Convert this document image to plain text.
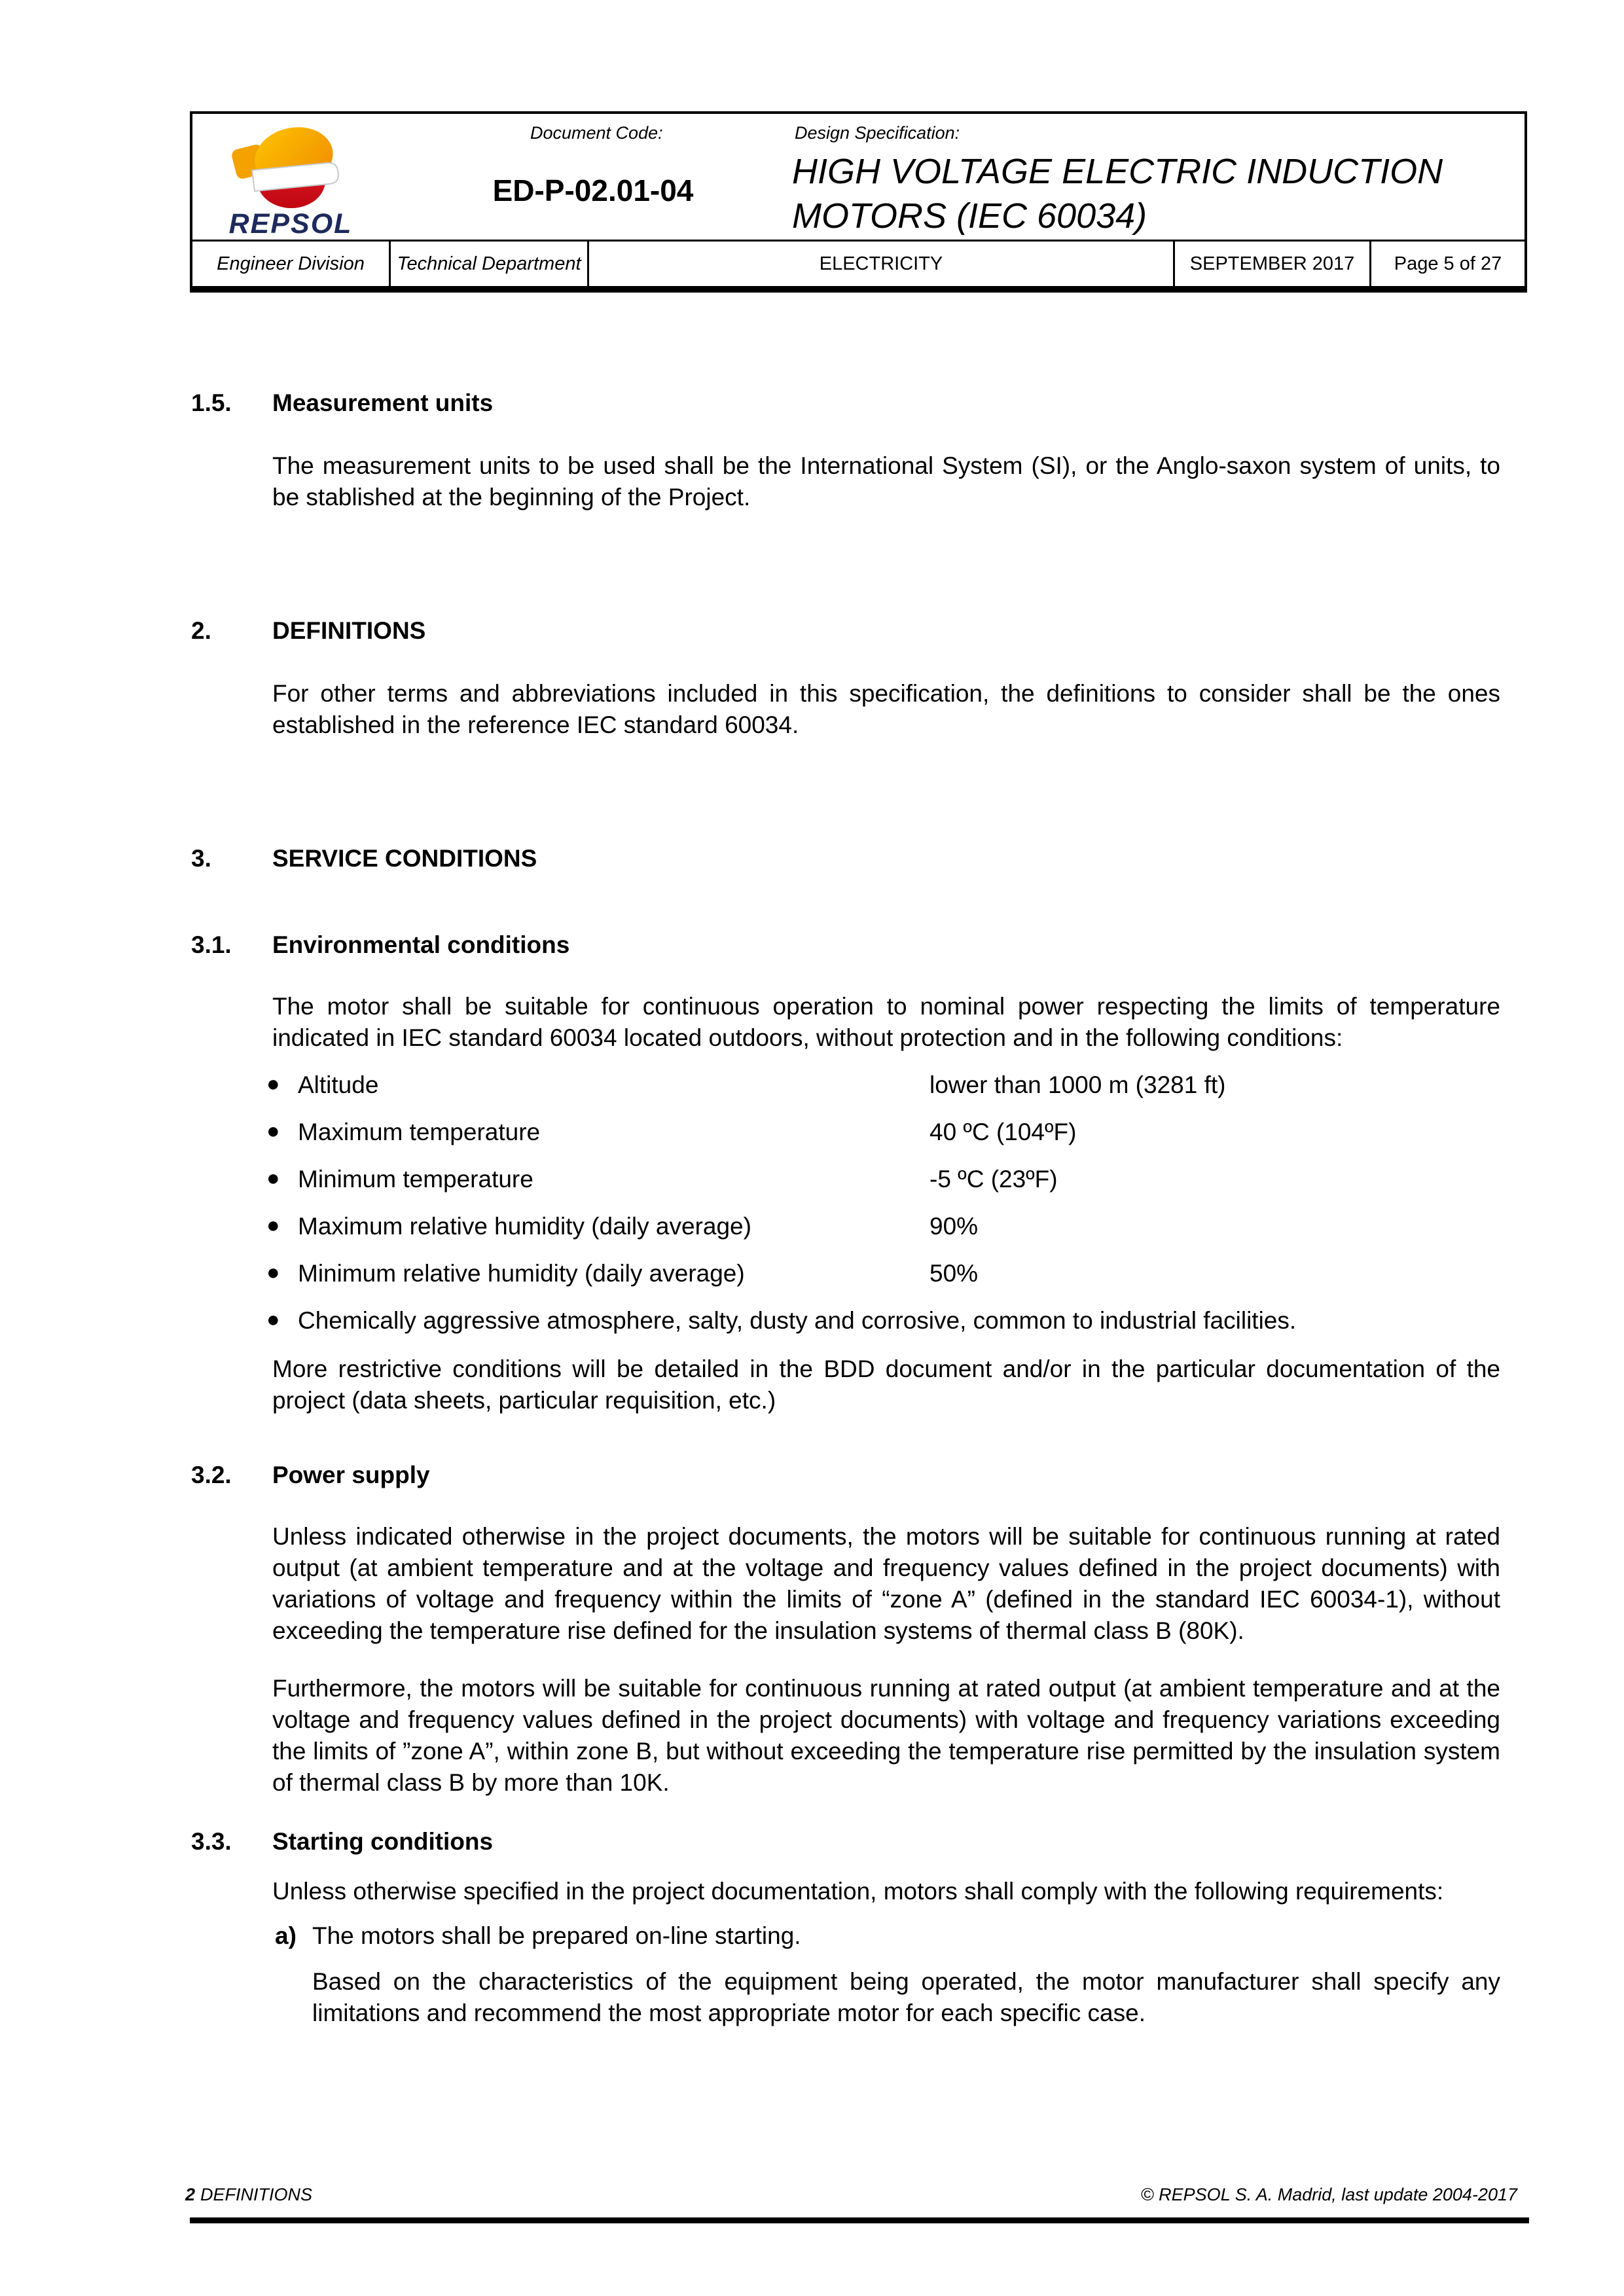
REPSOL
Document Code:
ED-P-02.01-04
Design Specification:
HIGH VOLTAGE ELECTRIC INDUCTION MOTORS (IEC 60034)
Engineer Division	Technical Department	ELECTRICITY	SEPTEMBER 2017	Page 5 of 27
1.5. Measurement units
The measurement units to be used shall be the International System (SI), or the Anglo-saxon system of units, to be stablished at the beginning of the Project.
2.	DEFINITIONS
For other terms and abbreviations included in this specification, the definitions to consider shall be the ones established in the reference IEC standard 60034.
3.	SERVICE CONDITIONS
3.1. Environmental conditions
The motor shall be suitable for continuous operation to nominal power respecting the limits of temperature indicated in IEC standard 60034 located outdoors, without protection and in the following conditions:
● Altitude	lower than 1000 m (3281 ft)
● Maximum temperature	40 ºC (104ºF)
● Minimum temperature	-5 ºC (23ºF)
● Maximum relative humidity (daily average)	90%
● Minimum relative humidity (daily average)	50%
● Chemically aggressive atmosphere, salty, dusty and corrosive, common to industrial facilities.
More restrictive conditions will be detailed in the BDD document and/or in the particular documentation of the project (data sheets, particular requisition, etc.)
3.2. Power supply
Unless indicated otherwise in the project documents, the motors will be suitable for continuous running at rated output (at ambient temperature and at the voltage and frequency values defined in the project documents) with variations of voltage and frequency within the limits of “zone A” (defined in the standard IEC 60034-1), without exceeding the temperature rise defined for the insulation systems of thermal class B (80K).
Furthermore, the motors will be suitable for continuous running at rated output (at ambient temperature and at the voltage and frequency values defined in the project documents) with voltage and frequency variations exceeding the limits of ”zone A”, within zone B, but without exceeding the temperature rise permitted by the insulation system of thermal class B by more than 10K.
3.3. Starting conditions
Unless otherwise specified in the project documentation, motors shall comply with the following requirements:
a) The motors shall be prepared on-line starting.
Based on the characteristics of the equipment being operated, the motor manufacturer shall specify any limitations and recommend the most appropriate motor for each specific case.
2 DEFINITIONS	© REPSOL S. A. Madrid, last update 2004-2017
